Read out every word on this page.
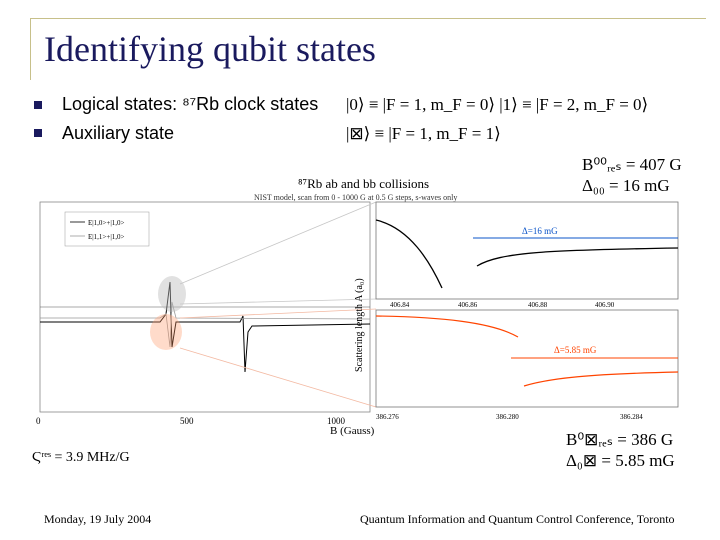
Identifying qubit states
Logical states: ⁸⁷Rb clock states |0⟩ ≡ |F = 1, m_F = 0⟩ |1⟩ ≡ |F = 2, m_F = 0⟩
Auxiliary state	|⊠⟩ ≡ |F = 1, m_F = 1⟩
B⁰⁰ᵣₑₛ = 407 G
Δ₀₀ = 16 mG
⁸⁷Rb ab and bb collisions
NIST model, scan from 0 - 1000 G at 0.5 G steps, s-waves only
E|1,0>+|1,0>
E|1,1>+|1,0>
0	500	1000
B (Gauss)
Scattering length A (a₀)
Δ=16 mG
406.84	406.86	406.88	406.90
Δ=5.85 mG
386.276	386.280	386.284
Ϛʳᵉˢ = 3.9 MHz/G
B⁰⊠ᵣₑₛ = 386 G
Δ₀⊠ = 5.85 mG
Monday, 19 July 2004	Quantum Information and Quantum Control Conference, Toronto
